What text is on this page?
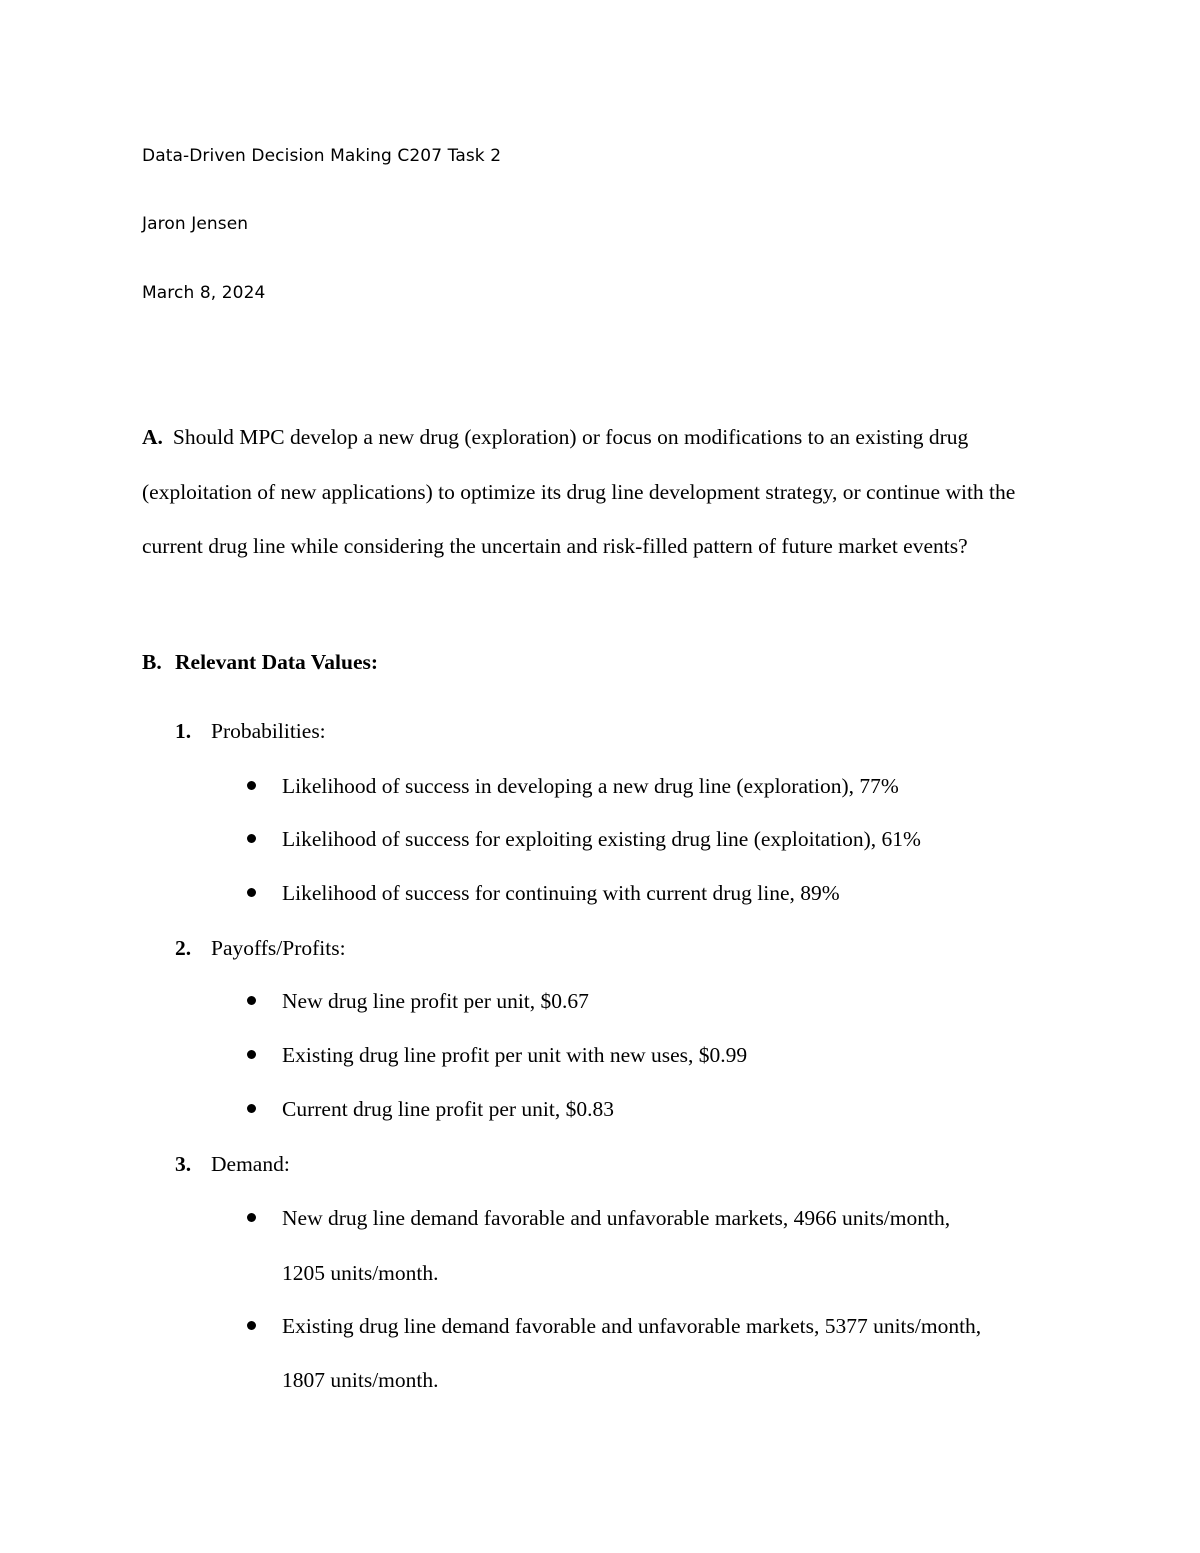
Data-Driven Decision Making C207 Task 2
Jaron Jensen
March 8, 2024

A. Should MPC develop a new drug (exploration) or focus on modifications to an existing drug (exploitation of new applications) to optimize its drug line development strategy, or continue with the current drug line while considering the uncertain and risk-filled pattern of future market events?

B. Relevant Data Values:
1. Probabilities:
Likelihood of success in developing a new drug line (exploration), 77%
Likelihood of success for exploiting existing drug line (exploitation), 61%
Likelihood of success for continuing with current drug line, 89%
2. Payoffs/Profits:
New drug line profit per unit, $0.67
Existing drug line profit per unit with new uses, $0.99
Current drug line profit per unit, $0.83
3. Demand:
New drug line demand favorable and unfavorable markets, 4966 units/month,
1205 units/month.
Existing drug line demand favorable and unfavorable markets, 5377 units/month,
1807 units/month.
